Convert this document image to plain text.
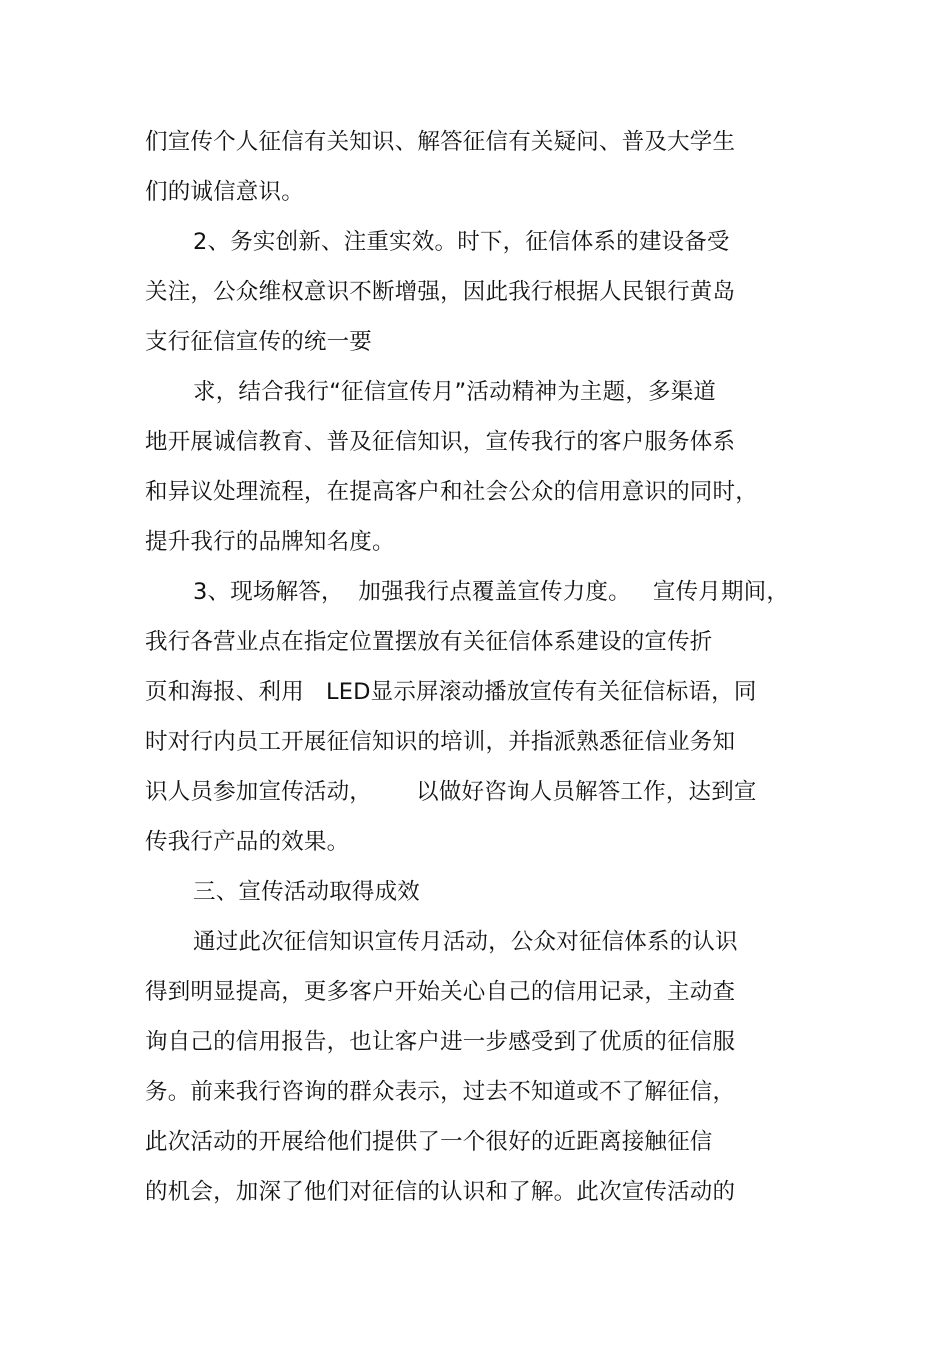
们宣传个人征信有关知识、解答征信有关疑问、普及大学生
们的诚信意识。
2、务实创新、注重实效。时下，征信体系的建设备受
关注，公众维权意识不断增强，因此我行根据人民银行黄岛
支行征信宣传的统一要
求，结合我行“征信宣传月”活动精神为主题，多渠道
地开展诚信教育、普及征信知识，宣传我行的客户服务体系
和异议处理流程，在提高客户和社会公众的信用意识的同时，
提升我行的品牌知名度。
3、现场解答，  加强我行点覆盖宣传力度。   宣传月期间，
我行各营业点在指定位置摆放有关征信体系建设的宣传折
页和海报、利用   LED显示屏滚动播放宣传有关征信标语，同
时对行内员工开展征信知识的培训，并指派熟悉征信业务知
识人员参加宣传活动，      以做好咨询人员解答工作，达到宣
传我行产品的效果。
三、宣传活动取得成效
通过此次征信知识宣传月活动，公众对征信体系的认识
得到明显提高，更多客户开始关心自己的信用记录，主动查
询自己的信用报告，也让客户进一步感受到了优质的征信服
务。前来我行咨询的群众表示，过去不知道或不了解征信，
此次活动的开展给他们提供了一个很好的近距离接触征信
的机会，加深了他们对征信的认识和了解。此次宣传活动的
